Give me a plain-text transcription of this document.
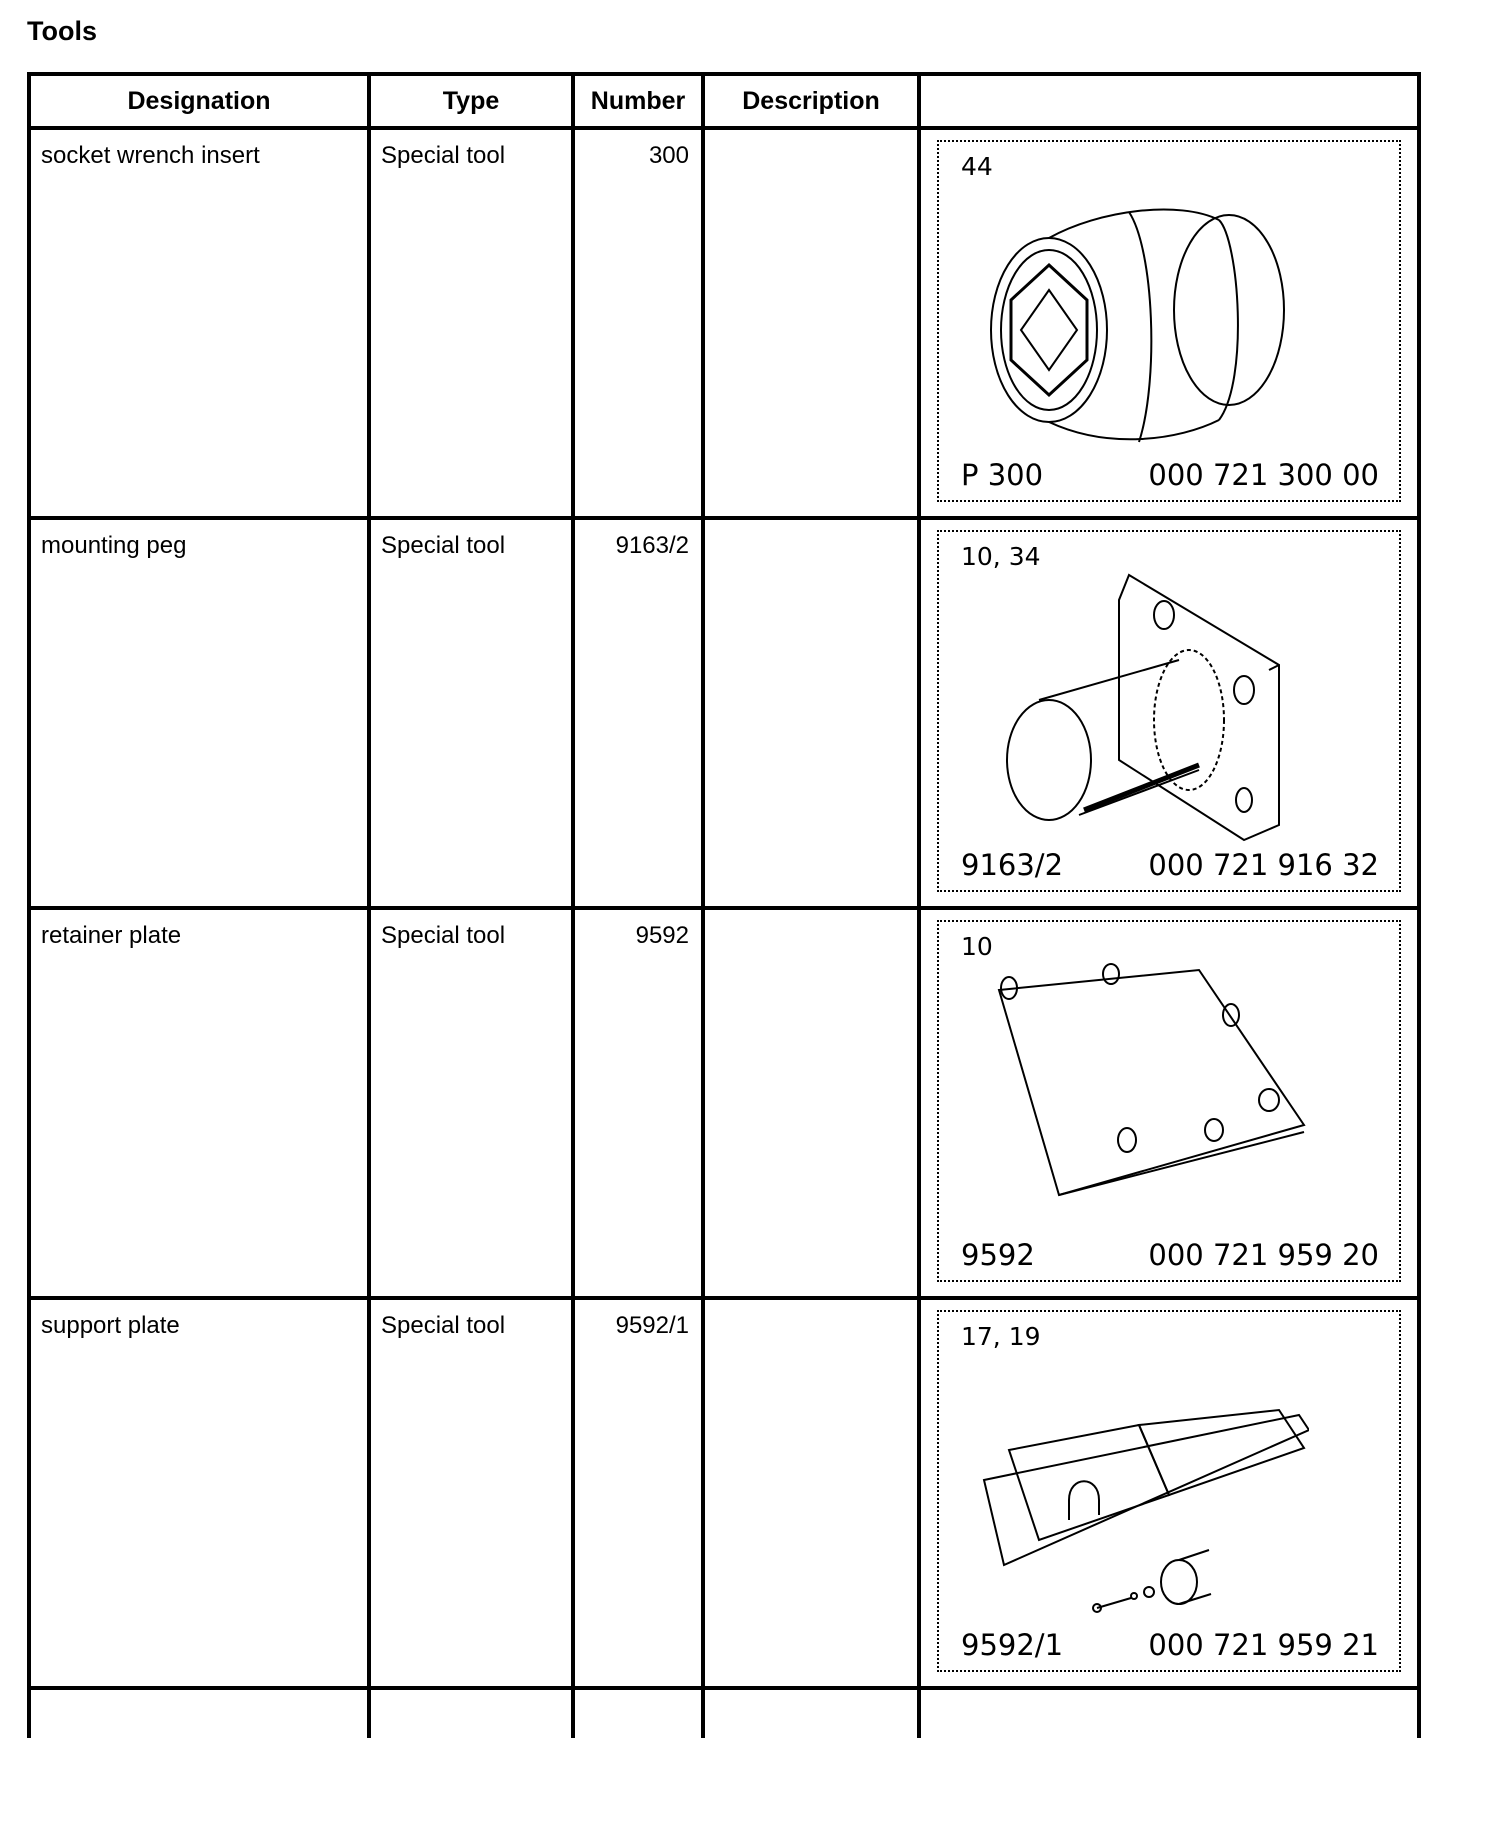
Tools
Designation	Type	Number	Description	

socket wrench insert	Special tool	300		44
P 300 000 721 300 00

mounting peg	Special tool	9163/2		10, 34
9163/2 000 721 916 32

retainer plate	Special tool	9592		10
9592 000 721 959 20

support plate	Special tool	9592/1		17, 19
9592/1 000 721 959 21
